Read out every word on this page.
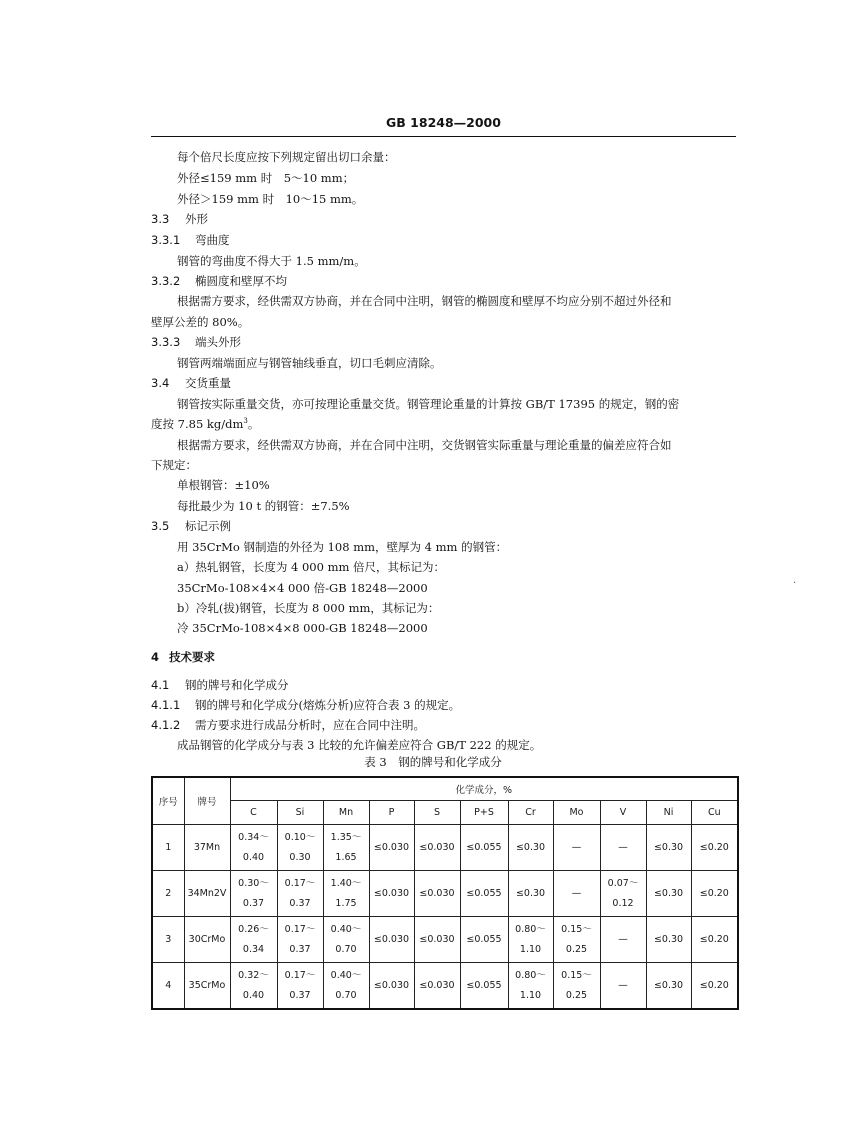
GB 18248—2000
每个倍尺长度应按下列规定留出切口余量：
外径≤159 mm 时　5～10 mm；
外径＞159 mm 时　10～15 mm。
3.3 外形
3.3.1 弯曲度
钢管的弯曲度不得大于 1.5 mm/m。
3.3.2 椭圆度和壁厚不均
根据需方要求，经供需双方协商，并在合同中注明，钢管的椭圆度和壁厚不均应分别不超过外径和
壁厚公差的 80%。
3.3.3 端头外形
钢管两端端面应与钢管轴线垂直，切口毛刺应清除。
3.4 交货重量
钢管按实际重量交货，亦可按理论重量交货。钢管理论重量的计算按 GB/T 17395 的规定，钢的密
度按 7.85 $kg/dm^3$。
根据需方要求，经供需双方协商，并在合同中注明，交货钢管实际重量与理论重量的偏差应符合如
下规定：
单根钢管：±10%
每批最少为 10 t 的钢管：±7.5%
3.5 标记示例
用 35CrMo 钢制造的外径为 108 mm，壁厚为 4 mm 的钢管：
a）热轧钢管，长度为 4 000 mm 倍尺，其标记为：
35CrMo-108×4×4 000 倍-GB 18248—2000
b）冷轧(拔)钢管，长度为 8 000 mm，其标记为：
冷 35CrMo-108×4×8 000-GB 18248—2000
·
4 技术要求
4.1 钢的牌号和化学成分
4.1.1 钢的牌号和化学成分(熔炼分析)应符合表 3 的规定。
4.1.2 需方要求进行成品分析时，应在合同中注明。
成品钢管的化学成分与表 3 比较的允许偏差应符合 GB/T 222 的规定。
表 3　钢的牌号和化学成分
序号	牌号	化学成分，%										
		C	Si	Mn	P	S	P+S	Cr	Mo	V	Ni	Cu
1	37Mn	0.34～
0.40	0.10～
0.30	1.35～
1.65	≤0.030	≤0.030	≤0.055	≤0.30	—	—	≤0.30	≤0.20
2	34Mn2V	0.30～
0.37	0.17～
0.37	1.40～
1.75	≤0.030	≤0.030	≤0.055	≤0.30	—	0.07～
0.12	≤0.30	≤0.20
3	30CrMo	0.26～
0.34	0.17～
0.37	0.40～
0.70	≤0.030	≤0.030	≤0.055	0.80～
1.10	0.15～
0.25	—	≤0.30	≤0.20
4	35CrMo	0.32～
0.40	0.17～
0.37	0.40～
0.70	≤0.030	≤0.030	≤0.055	0.80～
1.10	0.15～
0.25	—	≤0.30	≤0.20
